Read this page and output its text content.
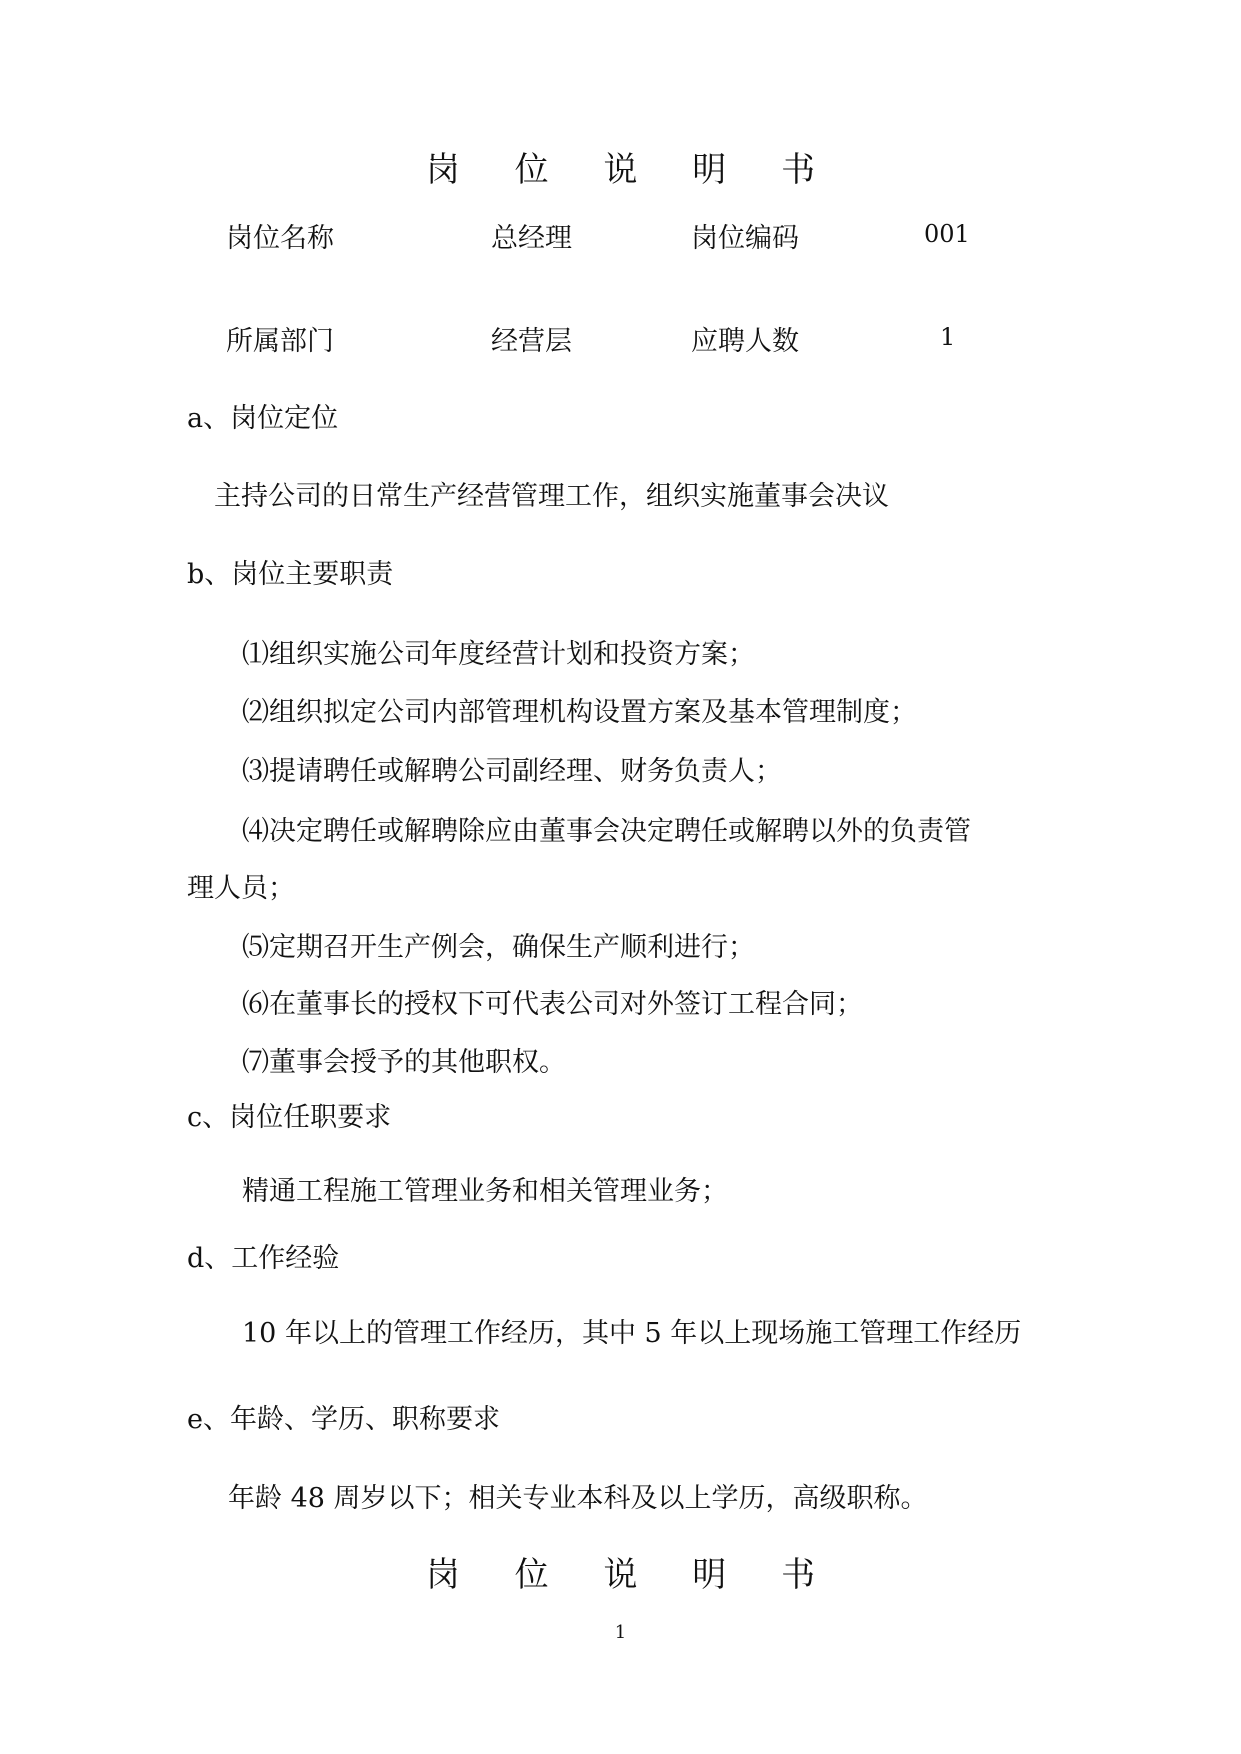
岗 位 说 明 书
岗位名称	总经理	岗位编码	001
所属部门	经营层	应聘人数	1
a、岗位定位
主持公司的日常生产经营管理工作，组织实施董事会决议
b、岗位主要职责
⑴组织实施公司年度经营计划和投资方案；
⑵组织拟定公司内部管理机构设置方案及基本管理制度；
⑶提请聘任或解聘公司副经理、财务负责人；
⑷决定聘任或解聘除应由董事会决定聘任或解聘以外的负责管
理人员；
⑸定期召开生产例会，确保生产顺利进行；
⑹在董事长的授权下可代表公司对外签订工程合同；
⑺董事会授予的其他职权。
c、岗位任职要求
精通工程施工管理业务和相关管理业务；
d、工作经验
10 年以上的管理工作经历，其中 5 年以上现场施工管理工作经历
e、年龄、学历、职称要求
年龄 48 周岁以下；相关专业本科及以上学历，高级职称。
岗 位 说 明 书
1
